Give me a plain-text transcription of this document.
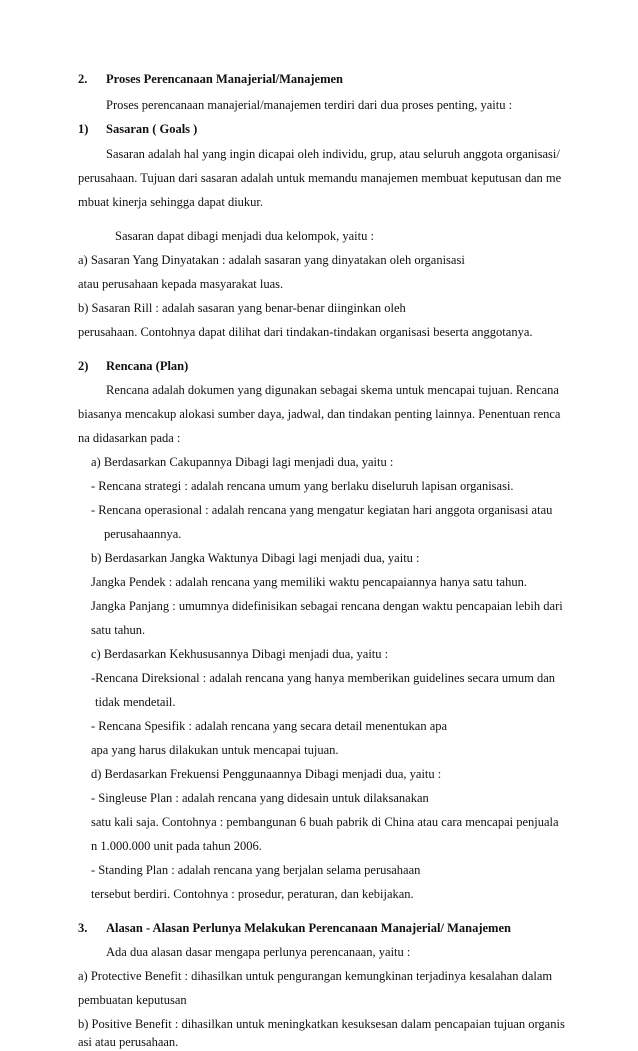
2. Proses Perencanaan Manajerial/Manajemen
Proses perencanaan manajerial/manajemen terdiri dari dua proses penting, yaitu :
1) Sasaran ( Goals )
Sasaran adalah hal yang ingin dicapai oleh individu, grup, atau seluruh anggota organisasi/
perusahaan. Tujuan dari sasaran adalah untuk memandu manajemen membuat keputusan dan me
mbuat kinerja sehingga dapat diukur.
Sasaran dapat dibagi menjadi dua kelompok, yaitu :
a) Sasaran Yang Dinyatakan : adalah sasaran yang dinyatakan oleh organisasi
atau perusahaan kepada masyarakat luas.
b) Sasaran Rill : adalah sasaran yang benar-benar diinginkan oleh
perusahaan. Contohnya dapat dilihat dari tindakan-tindakan organisasi beserta anggotanya.
2) Rencana (Plan)
Rencana adalah dokumen yang digunakan sebagai skema untuk mencapai tujuan. Rencana
biasanya mencakup alokasi sumber daya, jadwal, dan tindakan penting lainnya. Penentuan renca
na didasarkan pada :
a) Berdasarkan Cakupannya Dibagi lagi menjadi dua, yaitu :
- Rencana strategi : adalah rencana umum yang berlaku diseluruh lapisan organisasi.
- Rencana operasional : adalah rencana yang mengatur kegiatan hari anggota organisasi atau
perusahaannya.
b) Berdasarkan Jangka Waktunya Dibagi lagi menjadi dua, yaitu :
Jangka Pendek : adalah rencana yang memiliki waktu pencapaiannya hanya satu tahun.
Jangka Panjang : umumnya didefinisikan sebagai rencana dengan waktu pencapaian lebih dari
satu tahun.
c) Berdasarkan Kekhususannya Dibagi menjadi dua, yaitu :
-Rencana Direksional : adalah rencana yang hanya memberikan guidelines secara umum dan
tidak mendetail.
- Rencana Spesifik : adalah rencana yang secara detail menentukan apa
apa yang harus dilakukan untuk mencapai tujuan.
d) Berdasarkan Frekuensi Penggunaannya Dibagi menjadi dua, yaitu :
- Singleuse Plan : adalah rencana yang didesain untuk dilaksanakan
satu kali saja. Contohnya : pembangunan 6 buah pabrik di China atau cara mencapai penjuala
n 1.000.000 unit pada tahun 2006.
- Standing Plan : adalah rencana yang berjalan selama perusahaan
tersebut berdiri. Contohnya : prosedur, peraturan, dan kebijakan.
3. Alasan - Alasan Perlunya Melakukan Perencanaan Manajerial/ Manajemen
Ada dua alasan dasar mengapa perlunya perencanaan, yaitu :
a) Protective Benefit : dihasilkan untuk pengurangan kemungkinan terjadinya kesalahan dalam
pembuatan keputusan
b) Positive Benefit : dihasilkan untuk meningkatkan kesuksesan dalam pencapaian tujuan organis
asi atau perusahaan.
